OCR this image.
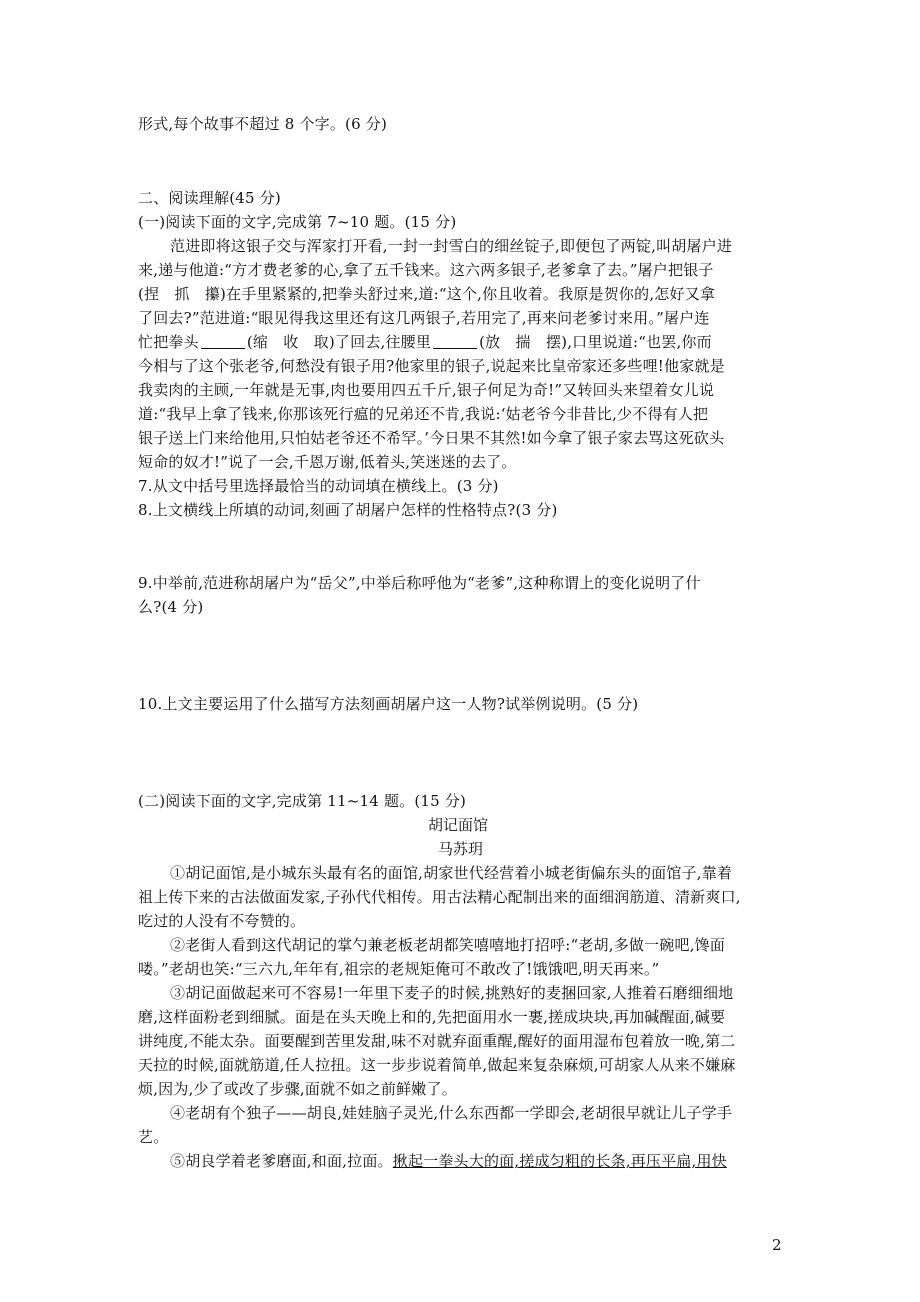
形式,每个故事不超过 8 个字。(6 分)
二、阅读理解(45 分)
(一)阅读下面的文字,完成第 7~10 题。(15 分)
范进即将这银子交与浑家打开看,一封一封雪白的细丝锭子,即便包了两锭,叫胡屠户进
来,递与他道:“方才费老爹的心,拿了五千钱来。这六两多银子,老爹拿了去。”屠户把银子
(捏　抓　攥)在手里紧紧的,把拳头舒过来,道:“这个,你且收着。我原是贺你的,怎好又拿
了回去?”范进道:“眼见得我这里还有这几两银子,若用完了,再来问老爹讨来用。”屠户连
忙把拳头	(缩　收　取)了回去,往腰里	(放　揣　摆),口里说道:“也罢,你而
今相与了这个张老爷,何愁没有银子用?他家里的银子,说起来比皇帝家还多些哩!他家就是
我卖肉的主顾,一年就是无事,肉也要用四五千斤,银子何足为奇!”又转回头来望着女儿说
道:“我早上拿了钱来,你那该死行瘟的兄弟还不肯,我说:‘姑老爷今非昔比,少不得有人把
银子送上门来给他用,只怕姑老爷还不希罕。’今日果不其然!如今拿了银子家去骂这死砍头
短命的奴才!”说了一会,千恩万谢,低着头,笑迷迷的去了。
7.从文中括号里选择最恰当的动词填在横线上。(3 分)
8.上文横线上所填的动词,刻画了胡屠户怎样的性格特点?(3 分)
9.中举前,范进称胡屠户为“岳父”,中举后称呼他为“老爹”,这种称谓上的变化说明了什
么?(4 分)
10.上文主要运用了什么描写方法刻画胡屠户这一人物?试举例说明。(5 分)
(二)阅读下面的文字,完成第 11~14 题。(15 分)
胡记面馆
马苏玥
①胡记面馆,是小城东头最有名的面馆,胡家世代经营着小城老街偏东头的面馆子,靠着
祖上传下来的古法做面发家,子孙代代相传。用古法精心配制出来的面细润筋道、清新爽口,
吃过的人没有不夸赞的。
②老街人看到这代胡记的掌勺兼老板老胡都笑嘻嘻地打招呼:“老胡,多做一碗吧,馋面
喽。”老胡也笑:“三六九,年年有,祖宗的老规矩俺可不敢改了!饿饿吧,明天再来。”
③胡记面做起来可不容易!一年里下麦子的时候,挑熟好的麦捆回家,人推着石磨细细地
磨,这样面粉老到细腻。面是在头天晚上和的,先把面用水一裹,搓成块块,再加碱醒面,碱要
讲纯度,不能太杂。面要醒到苦里发甜,味不对就弃面重醒,醒好的面用湿布包着放一晚,第二
天拉的时候,面就筋道,任人拉扭。这一步步说着简单,做起来复杂麻烦,可胡家人从来不嫌麻
烦,因为,少了或改了步骤,面就不如之前鲜嫩了。
④老胡有个独子——胡良,娃娃脑子灵光,什么东西都一学即会,老胡很早就让儿子学手
艺。
⑤胡良学着老爹磨面,和面,拉面。揪起一拳头大的面,搓成匀粗的长条,再压平扁,用快
2
